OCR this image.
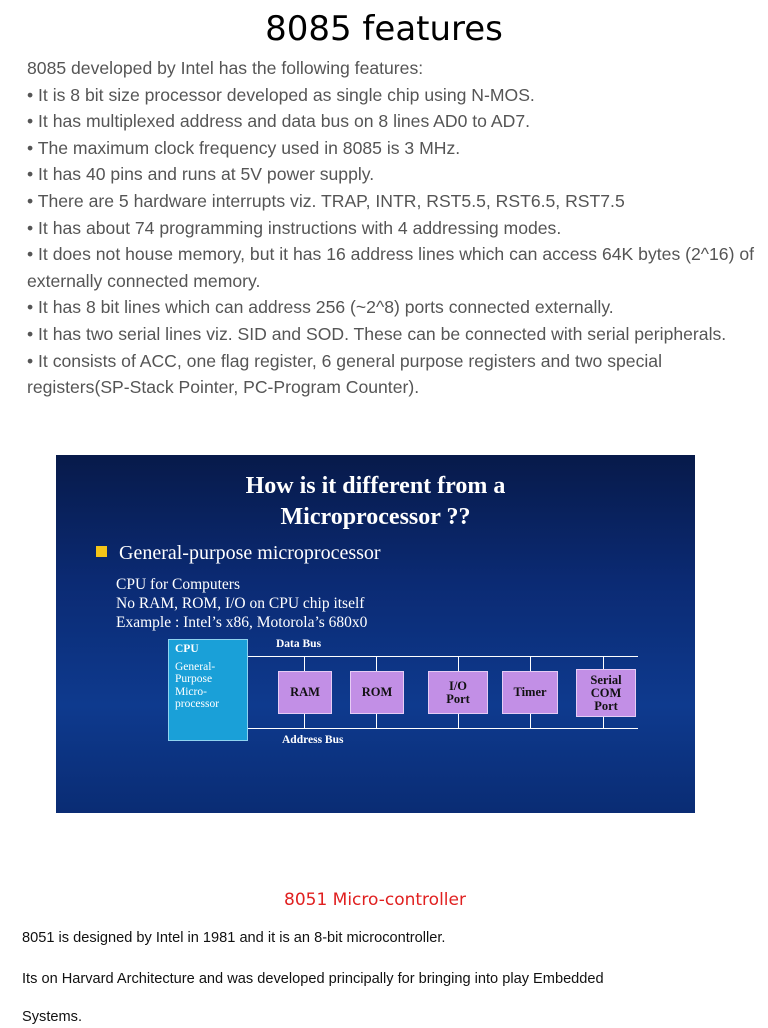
8085 features
8085 developed by Intel has the following features:
• It is 8 bit size processor developed as single chip using N-MOS.
• It has multiplexed address and data bus on 8 lines AD0 to AD7.
• The maximum clock frequency used in 8085 is 3 MHz.
• It has 40 pins and runs at 5V power supply.
• There are 5 hardware interrupts viz. TRAP, INTR, RST5.5, RST6.5, RST7.5
• It has about 74 programming instructions with 4 addressing modes.
• It does not house memory, but it has 16 address lines which can access 64K bytes (2^16) of externally connected memory.
• It has 8 bit lines which can address 256 (~2^8) ports connected externally.
• It has two serial lines viz. SID and SOD. These can be connected with serial peripherals.
• It consists of ACC, one flag register, 6 general purpose registers and two special registers(SP-Stack Pointer, PC-Program Counter).
How is it different from a
Microprocessor ??
General-purpose microprocessor
CPU for Computers
No RAM, ROM, I/O on CPU chip itself
Example : Intel’s x86, Motorola’s 680x0
Data Bus
Address Bus
CPU
General-
Purpose
Micro-
processor
RAM	ROM	I/O Port	Timer
Serial COM Port
8051 Micro-controller
8051 is designed by Intel in 1981 and it is an 8-bit microcontroller.
Its on Harvard Architecture and was developed principally for bringing into play Embedded
Systems.
